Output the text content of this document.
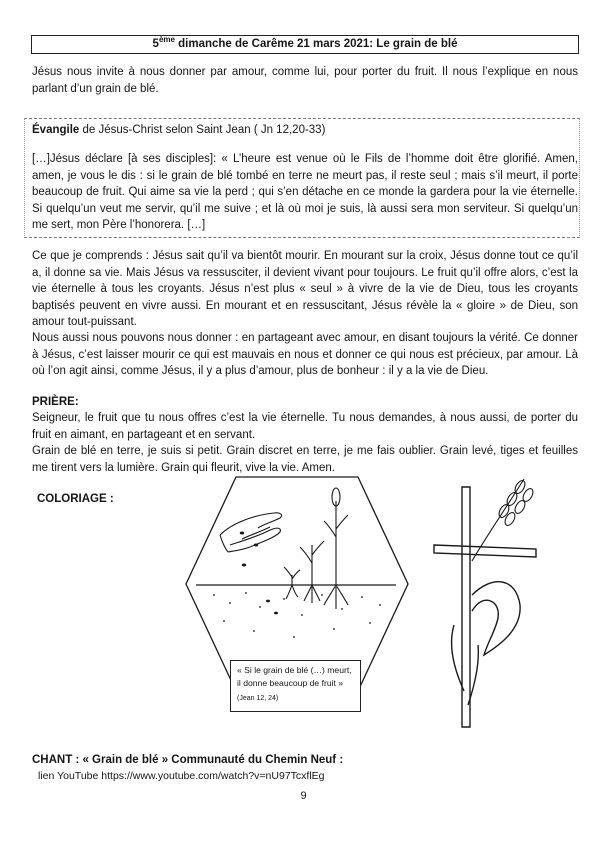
5ème dimanche de Carême 21 mars 2021: Le grain de blé

Jésus nous invite à nous donner par amour, comme lui, pour porter du fruit. Il nous l’explique en nous parlant d’un grain de blé.

Évangile de Jésus-Christ selon Saint Jean ( Jn 12,20-33)

[…]Jésus déclare [à ses disciples]: « L’heure est venue où le Fils de l’homme doit être glorifié. Amen, amen, je vous le dis : si le grain de blé tombé en terre ne meurt pas, il reste seul ; mais s’il meurt, il porte beaucoup de fruit. Qui aime sa vie la perd ; qui s’en détache en ce monde la gardera pour la vie éternelle. Si quelqu’un veut me servir, qu’il me suive ; et là où moi je suis, là aussi sera mon serviteur. Si quelqu’un me sert, mon Père l’honorera. […]

Ce que je comprends : Jésus sait qu’il va bientôt mourir. En mourant sur la croix, Jésus donne tout ce qu’il a, il donne sa vie. Mais Jésus va ressusciter, il devient vivant pour toujours. Le fruit qu’il offre alors, c’est la vie éternelle à tous les croyants. Jésus n’est plus « seul » à vivre de la vie de Dieu, tous les croyants baptisés peuvent en vivre aussi. En mourant et en ressuscitant, Jésus révèle la « gloire » de Dieu, son amour tout-puissant.

Nous aussi nous pouvons nous donner : en partageant avec amour, en disant toujours la vérité. Ce donner à Jésus, c’est laisser mourir ce qui est mauvais en nous et donner ce qui nous est précieux, par amour. Là où l’on agit ainsi, comme Jésus, il y a plus d’amour, plus de bonheur : il y a la vie de Dieu.

PRIÈRE:

Seigneur, le fruit que tu nous offres c’est la vie éternelle. Tu nous demandes, à nous aussi, de porter du fruit en aimant, en partageant et en servant.

Grain de blé en terre, je suis si petit. Grain discret en terre, je me fais oublier. Grain levé, tiges et feuilles me tirent vers la lumière. Grain qui fleurit, vive la vie. Amen.

COLORIAGE :

« Si le grain de blé (…) meurt, il donne beaucoup de fruit » (Jean 12, 24)

CHANT : « Grain de blé » Communauté du Chemin Neuf :

lien YouTube https://www.youtube.com/watch?v=nU97TcxflEg

9
